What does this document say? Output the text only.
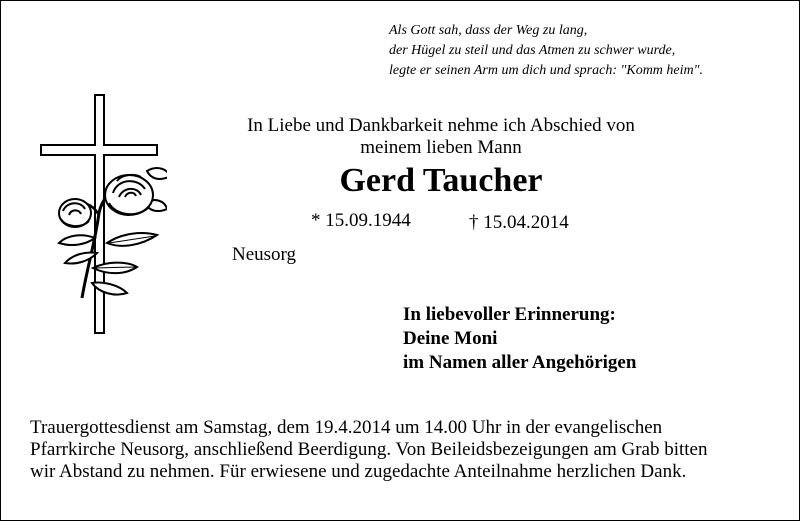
Als Gott sah, dass der Weg zu lang,
der Hügel zu steil und das Atmen zu schwer wurde,
legte er seinen Arm um dich und sprach: "Komm heim".
In Liebe und Dankbarkeit nehme ich Abschied von
meinem lieben Mann
Gerd Taucher
* 15.09.1944	† 15.04.2014
Neusorg
In liebevoller Erinnerung:
Deine Moni
im Namen aller Angehörigen
Trauergottesdienst am Samstag, dem 19.4.2014 um 14.00 Uhr in der evangelischen
Pfarrkirche Neusorg, anschließend Beerdigung. Von Beileidsbezeigungen am Grab bitten
wir Abstand zu nehmen. Für erwiesene und zugedachte Anteilnahme herzlichen Dank.
